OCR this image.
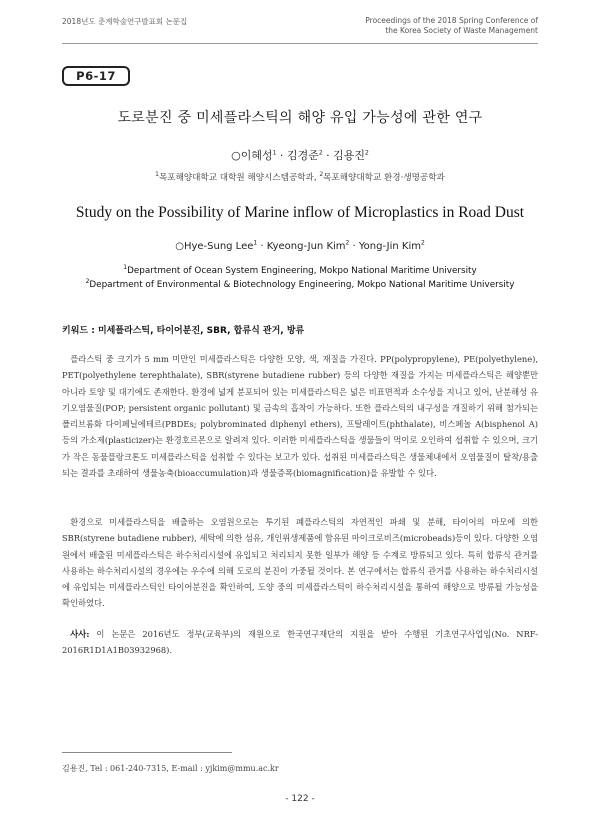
2018년도 춘계학술연구발표회 논문집	Proceedings of the 2018 Spring Conference of
the Korea Society of Waste Management
P6-17
도로분진 중 미세플라스틱의 해양 유입 가능성에 관한 연구
○이혜성$^1$ · 김경준$^2$ · 김용진$^2$
$^1$목포해양대학교 대학원 해양시스템공학과, $^2$목포해양대학교 환경·생명공학과
Study on the Possibility of Marine inflow of Microplastics in Road Dust
○Hye-Sung Lee$^1$ · Kyeong-Jun Kim$^2$ · Yong-Jin Kim$^2$
$^1$Department of Ocean System Engineering, Mokpo National Maritime University
$^2$Department of Environmental & Biotechnology Engineering, Mokpo National Maritime University
키워드 : 미세플라스틱, 타이어분진, SBR, 합류식 관거, 방류
플라스틱 중 크기가 5 mm 미만인 미세플라스틱은 다양한 모양, 색, 재질을 가진다. PP(polypropylene), PE(polyethylene), PET(polyethylene terephthalate), SBR(styrene butadiene rubber) 등의 다양한 재질을 가지는 미세플라스틱은 해양뿐만 아니라 토양 및 대기에도 존재한다. 환경에 넓게 분포되어 있는 미세플라스틱은 넓은 비표면적과 소수성을 지니고 있어, 난분해성 유기오염물질(POP; persistent organic pollutant) 및 금속의 흡착이 가능하다. 또한 플라스틱의 내구성을 개질하기 위해 첨가되는 폴리브롬화 다이페닐에테르(PBDEs; polybrominated diphenyl ethers), 프탈레이트(phthalate), 비스페놀 A(bisphenol A) 등의 가소제(plasticizer)는 환경호르몬으로 알려져 있다. 이러한 미세플라스틱을 생물들이 먹이로 오인하여 섭취할 수 있으며, 크기가 작은 동물플랑크톤도 미세플라스틱을 섭취할 수 있다는 보고가 있다. 섭취된 미세플라스틱은 생물체내에서 오염물질이 탈착/용출되는 결과를 초래하여 생물농축(bioaccumulation)과 생물증폭(biomagnification)을 유발할 수 있다.
환경으로 미세플라스틱을 배출하는 오염원으로는 투기된 폐플라스틱의 자연적인 파쇄 및 분해, 타이어의 마모에 의한 SBR(styrene butadiene rubber), 세탁에 의한 섬유, 개인위생제품에 함유된 마이크로비즈(microbeads)등이 있다. 다양한 오염원에서 배출된 미세플라스틱은 하수처리시설에 유입되고 처리되지 못한 일부가 해양 등 수계로 방류되고 있다. 특히 합류식 관거를 사용하는 하수처리시설의 경우에는 우수에 의해 도로의 분진이 가중될 것이다. 본 연구에서는 합류식 관거를 사용하는 하수처리시설에 유입되는 미세플라스틱인 타이어분진을 확인하여, 도양 중의 미세플라스틱이 하수처리시설을 통하여 해양으로 방류될 가능성을 확인하였다.
사사: 이 논문은 2016년도 정부(교육부)의 재원으로 한국연구재단의 지원을 받아 수행된 기초연구사업임(No. NRF-2016R1D1A1B03932968).
김용진, Tel : 061-240-7315, E-mail : yjkim@mmu.ac.kr
- 122 -
